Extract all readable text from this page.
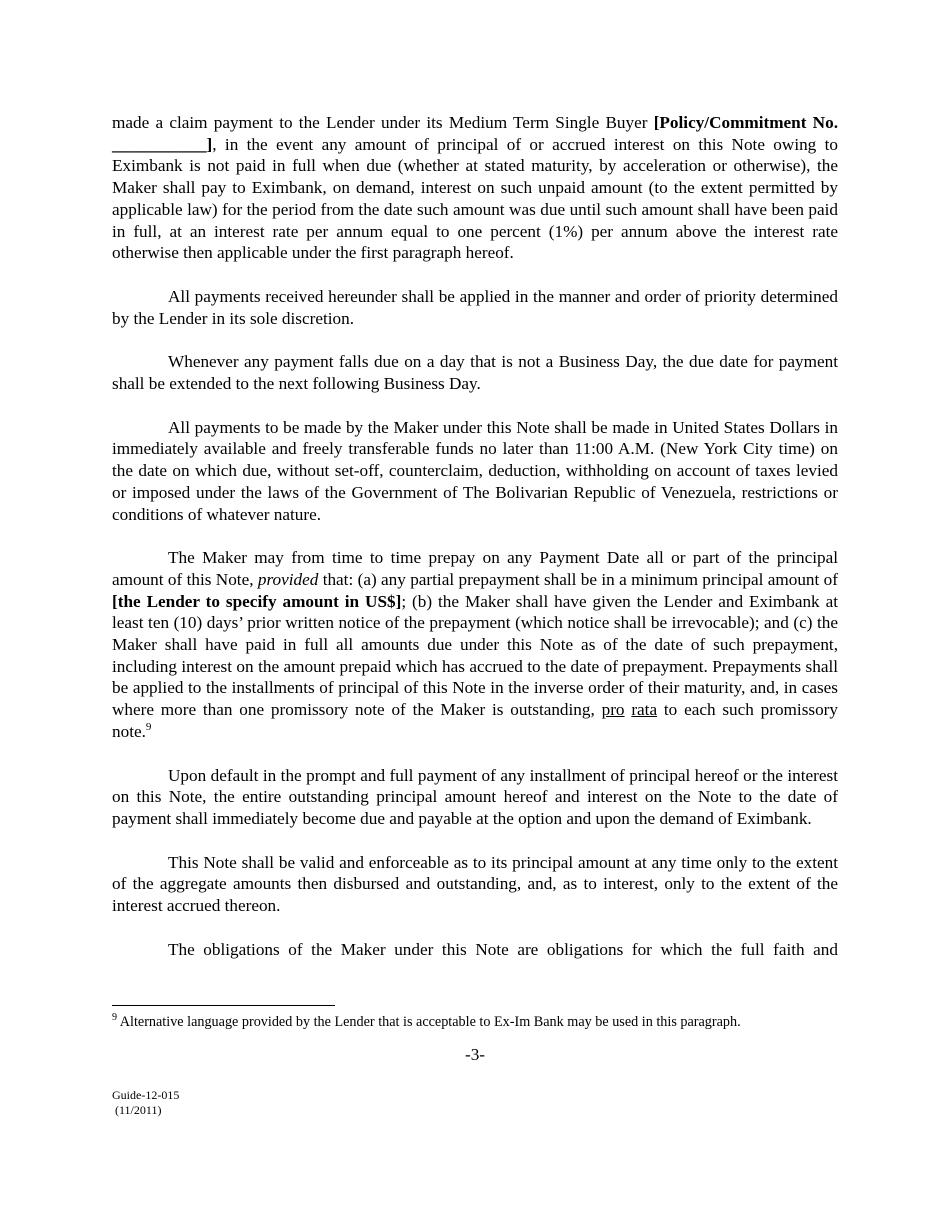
made a claim payment to the Lender under its Medium Term Single Buyer [Policy/Commitment No. ___________], in the event any amount of principal of or accrued interest on this Note owing to Eximbank is not paid in full when due (whether at stated maturity, by acceleration or otherwise), the Maker shall pay to Eximbank, on demand, interest on such unpaid amount (to the extent permitted by applicable law) for the period from the date such amount was due until such amount shall have been paid in full, at an interest rate per annum equal to one percent (1%) per annum above the interest rate otherwise then applicable under the first paragraph hereof.

All payments received hereunder shall be applied in the manner and order of priority determined by the Lender in its sole discretion.

Whenever any payment falls due on a day that is not a Business Day, the due date for payment shall be extended to the next following Business Day.

All payments to be made by the Maker under this Note shall be made in United States Dollars in immediately available and freely transferable funds no later than 11:00 A.M. (New York City time) on the date on which due, without set-off, counterclaim, deduction, withholding on account of taxes levied or imposed under the laws of the Government of The Bolivarian Republic of Venezuela, restrictions or conditions of whatever nature.

The Maker may from time to time prepay on any Payment Date all or part of the principal amount of this Note, provided that: (a) any partial prepayment shall be in a minimum principal amount of [the Lender to specify amount in US$]; (b) the Maker shall have given the Lender and Eximbank at least ten (10) days’ prior written notice of the prepayment (which notice shall be irrevocable); and (c) the Maker shall have paid in full all amounts due under this Note as of the date of such prepayment, including interest on the amount prepaid which has accrued to the date of prepayment. Prepayments shall be applied to the installments of principal of this Note in the inverse order of their maturity, and, in cases where more than one promissory note of the Maker is outstanding, pro rata to each such promissory note.$^9$

Upon default in the prompt and full payment of any installment of principal hereof or the interest on this Note, the entire outstanding principal amount hereof and interest on the Note to the date of payment shall immediately become due and payable at the option and upon the demand of Eximbank.

This Note shall be valid and enforceable as to its principal amount at any time only to the extent of the aggregate amounts then disbursed and outstanding, and, as to interest, only to the extent of the interest accrued thereon.

The obligations of the Maker under this Note are obligations for which the full faith and

$^9$ Alternative language provided by the Lender that is acceptable to Ex-Im Bank may be used in this paragraph.
-3-
Guide-12-015
(11/2011)
